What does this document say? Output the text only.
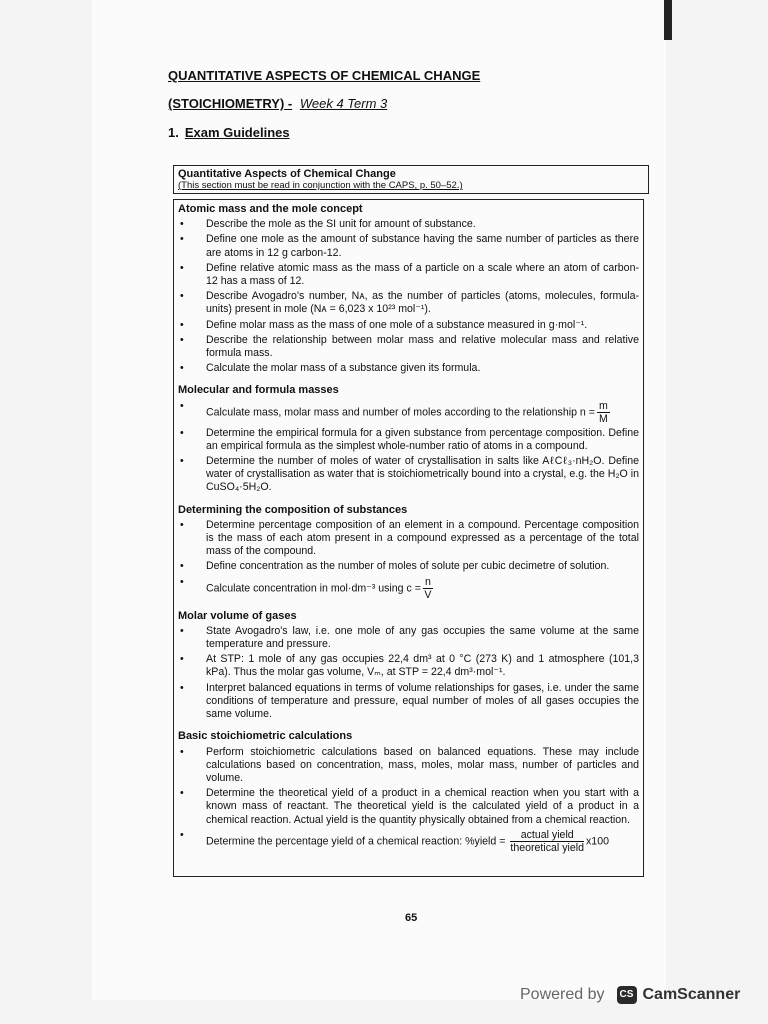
QUANTITATIVE ASPECTS OF CHEMICAL CHANGE
(STOICHIOMETRY) - Week 4 Term 3
1. Exam Guidelines
Quantitative Aspects of Chemical Change
(This section must be read in conjunction with the CAPS, p. 50–52.)
Atomic mass and the mole concept
• Describe the mole as the SI unit for amount of substance.
• Define one mole as the amount of substance having the same number of particles as there are atoms in 12 g carbon-12.
• Define relative atomic mass as the mass of a particle on a scale where an atom of carbon-12 has a mass of 12.
• Describe Avogadro's number, Nᴀ, as the number of particles (atoms, molecules, formula-units) present in mole (Nᴀ = 6,023 x 10²³ mol⁻¹).
• Define molar mass as the mass of one mole of a substance measured in g·mol⁻¹.
• Describe the relationship between molar mass and relative molecular mass and relative formula mass.
• Calculate the molar mass of a substance given its formula.
Molecular and formula masses
• Calculate mass, molar mass and number of moles according to the relationship $n = \frac{m}{M}$
• Determine the empirical formula for a given substance from percentage composition. Define an empirical formula as the simplest whole-number ratio of atoms in a compound.
• Determine the number of moles of water of crystallisation in salts like AℓCℓ₃·nH₂O. Define water of crystallisation as water that is stoichiometrically bound into a crystal, e.g. the H₂O in CuSO₄·5H₂O.
Determining the composition of substances
• Determine percentage composition of an element in a compound. Percentage composition is the mass of each atom present in a compound expressed as a percentage of the total mass of the compound.
• Define concentration as the number of moles of solute per cubic decimetre of solution.
• Calculate concentration in mol·dm⁻³ using $c = \frac{n}{V}$
Molar volume of gases
• State Avogadro's law, i.e. one mole of any gas occupies the same volume at the same temperature and pressure.
• At STP: 1 mole of any gas occupies 22,4 dm³ at 0 °C (273 K) and 1 atmosphere (101,3 kPa). Thus the molar gas volume, Vₘ, at STP = 22,4 dm³·mol⁻¹.
• Interpret balanced equations in terms of volume relationships for gases, i.e. under the same conditions of temperature and pressure, equal number of moles of all gases occupies the same volume.
Basic stoichiometric calculations
• Perform stoichiometric calculations based on balanced equations. These may include calculations based on concentration, mass, moles, molar mass, number of particles and volume.
• Determine the theoretical yield of a product in a chemical reaction when you start with a known mass of reactant. The theoretical yield is the calculated yield of a product in a chemical reaction. Actual yield is the quantity physically obtained from a chemical reaction.
• Determine the percentage yield of a chemical reaction: %yield = $\frac{\text{actual yield}}{\text{theoretical yield}} x100$
65
Powered by	CS CamScanner
